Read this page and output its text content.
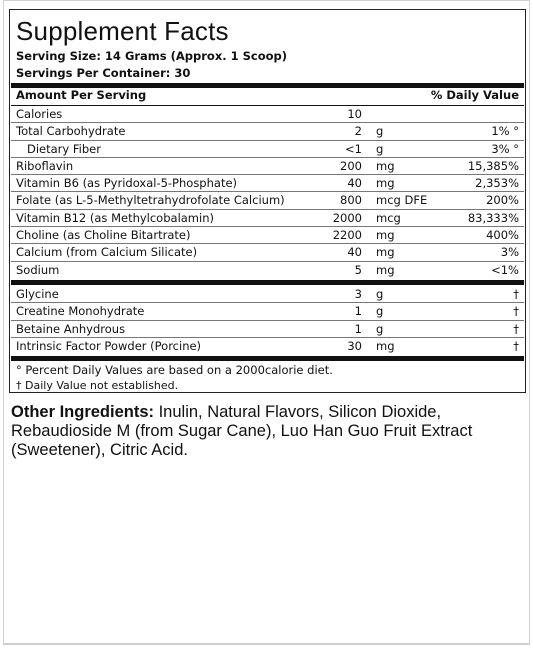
Supplement Facts
Serving Size: 14 Grams (Approx. 1 Scoop)
Servings Per Container: 30
Amount Per Serving	% Daily Value
Calories	10
Total Carbohydrate	2 g	1% °
Dietary Fiber	<1 g	3% °
Riboflavin	200 mg	15,385%
Vitamin B6 (as Pyridoxal-5-Phosphate)	40 mg	2,353%
Folate (as L-5-Methyltetrahydrofolate Calcium)	800 mcg DFE	200%
Vitamin B12 (as Methylcobalamin)	2000 mcg	83,333%
Choline (as Choline Bitartrate)	2200 mg	400%
Calcium (from Calcium Silicate)	40 mg	3%
Sodium	5 mg	<1%
Glycine	3 g	†
Creatine Monohydrate	1 g	†
Betaine Anhydrous	1 g	†
Intrinsic Factor Powder (Porcine)	30 mg	†
° Percent Daily Values are based on a 2000calorie diet.
† Daily Value not established.

Other Ingredients: Inulin, Natural Flavors, Silicon Dioxide, Rebaudioside M (from Sugar Cane), Luo Han Guo Fruit Extract (Sweetener), Citric Acid.
